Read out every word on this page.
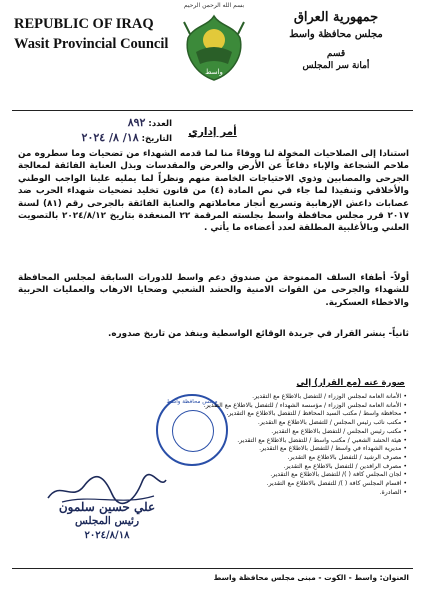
بسم الله الرحمن الرحيم
REPUBLIC OF IRAQ
Wasit Provincial Council
واسط
جمهورية العراق
مجلس محافظة واسط
قسم
أمانة سر المجلس
العدد: ٨٩٢
التاريخ: ١٨/ ٨/ ٢٠٢٤	أمر إداري
استنادا إلى الصلاحيات المخولة لنا ووفاءً منا لما قدمه الشهداء من تضحيات وما سطروه من ملاحم الشجاعة والإباء دفاعاً عن الأرض والعرض والمقدسات وبذل العناية الفائقة لمعالجة الجرحى والمصابين وذوي الاحتياجات الخاصة منهم ونظراً لما يمليه علينا الواجب الوطني والأخلاقي وتنفيذا لما جاء في نص المادة (٤) من قانون تخليد تضحيات شهداء الحرب ضد عصابات داعش الإرهابية وتسريع أنجاز معاملاتهم والعناية الفائقة بالجرحى رقم (٨١) لسنة ٢٠١٧ قرر مجلس محافظة واسط بجلسته المرقمة ٢٢ المنعقدة بتاريخ ٢٠٢٤/٨/١٢ بالتصويت العلني وبالأغلبية المطلقة لعدد أعضاءه ما يأتي .
أولاً- أطفاء السلف الممنوحة من صندوق دعم واسط للدورات السابقة لمجلس المحافظة للشهداء والجرحى من القوات الامنية والحشد الشعبي وضحايا الارهاب والعمليات الحربية والاخطاء العسكرية.
ثانياً- ينشر القرار في جريدة الوقائع الواسطية وينفذ من تاريخ صدوره.
صورة عنه (مع القرار) إلى
مجلس محافظة واسط
• الأمانة العامة لمجلس الوزراء / للتفضل بالاطلاع مع التقدير.
• الأمانة العامة لمجلس الوزراء / مؤسسة الشهداء / للتفضل بالاطلاع مع التقدير.
• محافظة واسط / مكتب السيد المحافظ / للتفضل بالاطلاع مع التقدير.
• مكتب نائب رئيس المجلس / للتفضل بالاطلاع مع التقدير.
• مكتب رئيس المجلس / للتفضل بالاطلاع مع التقدير.
• هيئة الحشد الشعبي / مكتب واسط / للتفضل بالاطلاع مع التقدير.
• مديرية الشهداء في واسط / للتفضل بالاطلاع مع التقدير.
• مصرف الرشيد / للتفضل بالاطلاع مع التقدير.
• مصرف الرافدين / للتفضل بالاطلاع مع التقدير.
• لجان المجلس كافة ( )/ للتفضل بالاطلاع مع التقدير.
• اقسام المجلس كافة ( )/ للتفضل بالاطلاع مع التقدير.
• الصادرة.
علي حسين سلمون
رئيس المجلس
٢٠٢٤/٨/١٨
العنوان: واسط - الكوت - مبنى مجلس محافظة واسط
